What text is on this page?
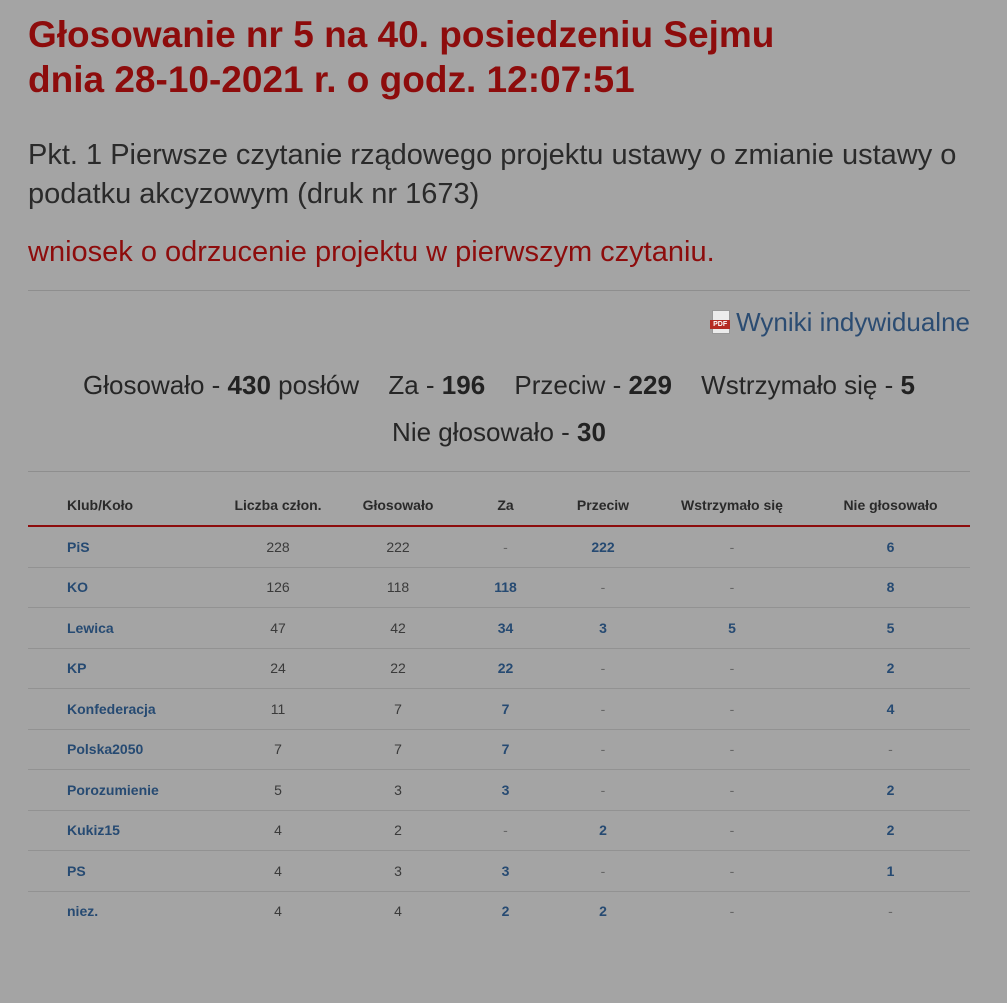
Głosowanie nr 5 na 40. posiedzeniu Sejmu
dnia 28-10-2021 r. o godz. 12:07:51
Pkt. 1 Pierwsze czytanie rządowego projektu ustawy o zmianie ustawy o podatku akcyzowym (druk nr 1673)
wniosek o odrzucenie projektu w pierwszym czytaniu.
PDF Wyniki indywidualne
Głosowało - 430 posłów Za - 196 Przeciw - 229 Wstrzymało się - 5
Nie głosowało - 30
Klub/Koło	Liczba człon.	Głosowało	Za	Przeciw	Wstrzymało się	Nie głosowało
PiS	228	222	-	222	-	6
KO	126	118	118	-	-	8
Lewica	47	42	34	3	5	5
KP	24	22	22	-	-	2
Konfederacja	11	7	7	-	-	4
Polska2050	7	7	7	-	-	-
Porozumienie	5	3	3	-	-	2
Kukiz15	4	2	-	2	-	2
PS	4	3	3	-	-	1
niez.	4	4	2	2	-	-
